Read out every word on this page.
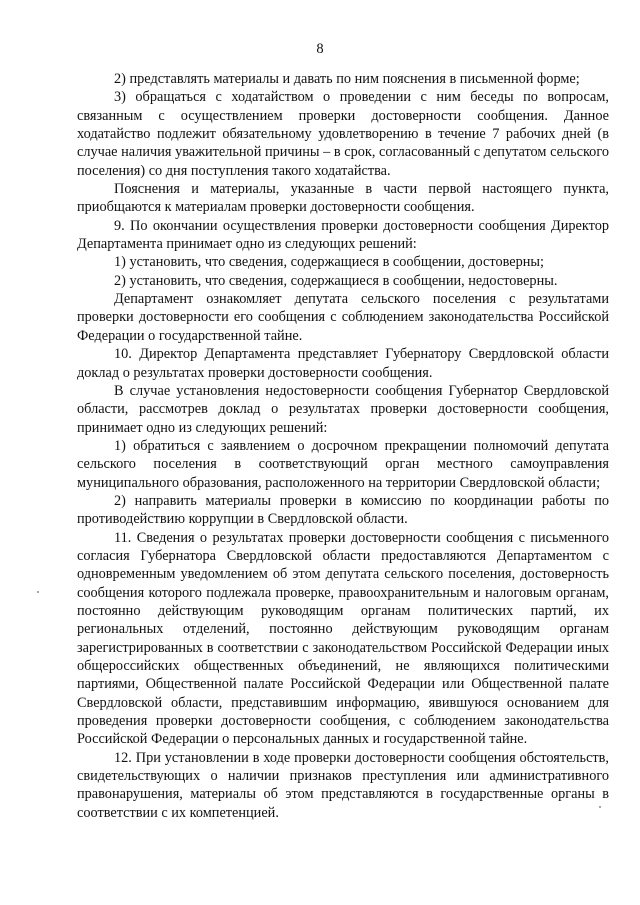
8

2) представлять материалы и давать по ним пояснения в письменной форме;

3) обращаться с ходатайством о проведении с ним беседы по вопросам, связанным с осуществлением проверки достоверности сообщения. Данное ходатайство подлежит обязательному удовлетворению в течение 7 рабочих дней (в случае наличия уважительной причины – в срок, согласованный с депутатом сельского поселения) со дня поступления такого ходатайства.

Пояснения и материалы, указанные в части первой настоящего пункта, приобщаются к материалам проверки достоверности сообщения.

9. По окончании осуществления проверки достоверности сообщения Директор Департамента принимает одно из следующих решений:

1) установить, что сведения, содержащиеся в сообщении, достоверны;

2) установить, что сведения, содержащиеся в сообщении, недостоверны.

Департамент ознакомляет депутата сельского поселения с результатами проверки достоверности его сообщения с соблюдением законодательства Российской Федерации о государственной тайне.

10. Директор Департамента представляет Губернатору Свердловской области доклад о результатах проверки достоверности сообщения.

В случае установления недостоверности сообщения Губернатор Свердловской области, рассмотрев доклад о результатах проверки достоверности сообщения, принимает одно из следующих решений:

1) обратиться с заявлением о досрочном прекращении полномочий депутата сельского поселения в соответствующий орган местного самоуправления муниципального образования, расположенного на территории Свердловской области;

2) направить материалы проверки в комиссию по координации работы по противодействию коррупции в Свердловской области.

11. Сведения о результатах проверки достоверности сообщения с письменного согласия Губернатора Свердловской области предоставляются Департаментом с одновременным уведомлением об этом депутата сельского поселения, достоверность сообщения которого подлежала проверке, правоохранительным и налоговым органам, постоянно действующим руководящим органам политических партий, их региональных отделений, постоянно действующим руководящим органам зарегистрированных в соответствии с законодательством Российской Федерации иных общероссийских общественных объединений, не являющихся политическими партиями, Общественной палате Российской Федерации или Общественной палате Свердловской области, представившим информацию, явившуюся основанием для проведения проверки достоверности сообщения, с соблюдением законодательства Российской Федерации о персональных данных и государственной тайне.

12. При установлении в ходе проверки достоверности сообщения обстоятельств, свидетельствующих о наличии признаков преступления или административного правонарушения, материалы об этом представляются в государственные органы в соответствии с их компетенцией.
